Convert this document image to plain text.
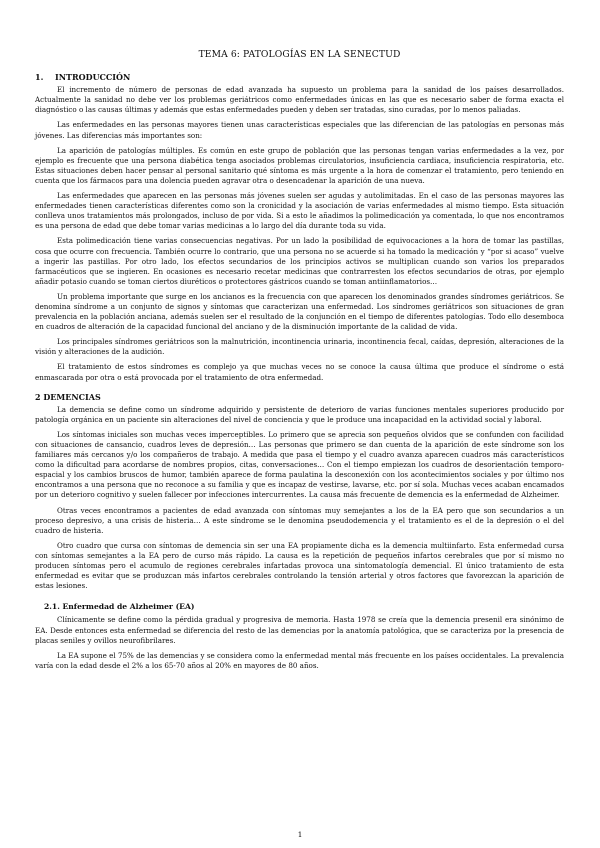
TEMA 6: PATOLOGÍAS EN LA SENECTUD
1. INTRODUCCIÓN

El incremento de número de personas de edad avanzada ha supuesto un problema para la sanidad de los países desarrollados. Actualmente la sanidad no debe ver los problemas geriátricos como enfermedades únicas en las que es necesario saber de forma exacta el diagnóstico o las causas últimas y además que estas enfermedades pueden y deben ser tratadas, sino curadas, por lo menos paliadas.

Las enfermedades en las personas mayores tienen unas características especiales que las diferencian de las patologías en personas más jóvenes. Las diferencias más importantes son:

La aparición de patologías múltiples. Es común en este grupo de población que las personas tengan varias enfermedades a la vez, por ejemplo es frecuente que una persona diabética tenga asociados problemas circulatorios, insuficiencia cardiaca, insuficiencia respiratoria, etc. Estas situaciones deben hacer pensar al personal sanitario qué síntoma es más urgente a la hora de comenzar el tratamiento, pero teniendo en cuenta que los fármacos para una dolencia pueden agravar otra o desencadenar la aparición de una nueva.

Las enfermedades que aparecen en las personas más jóvenes suelen ser agudas y autolimitadas. En el caso de las personas mayores las enfermedades tienen características diferentes como son la cronicidad y la asociación de varias enfermedades al mismo tiempo. Esta situación conlleva unos tratamientos más prolongados, incluso de por vida. Si a esto le añadimos la polimedicación ya comentada, lo que nos encontramos es una persona de edad que debe tomar varias medicinas a lo largo del día durante toda su vida.

Esta polimedicación tiene varias consecuencias negativas. Por un lado la posibilidad de equivocaciones a la hora de tomar las pastillas, cosa que ocurre con frecuencia. También ocurre lo contrario, que una persona no se acuerde si ha tomado la medicación y “por si acaso” vuelve a ingerir las pastillas. Por otro lado, los efectos secundarios de los principios activos se multiplican cuando son varios los preparados farmacéuticos que se ingieren. En ocasiones es necesario recetar medicinas que contrarresten los efectos secundarios de otras, por ejemplo añadir potasio cuando se toman ciertos diuréticos o protectores gástricos cuando se toman antiinflamatorios…

Un problema importante que surge en los ancianos es la frecuencia con que aparecen los denominados grandes síndromes geriátricos. Se denomina síndrome a un conjunto de signos y síntomas que caracterizan una enfermedad. Los síndromes geriátricos son situaciones de gran prevalencia en la población anciana, además suelen ser el resultado de la conjunción en el tiempo de diferentes patologías. Todo ello desemboca en cuadros de alteración de la capacidad funcional del anciano y de la disminución importante de la calidad de vida.

Los principales síndromes geriátricos son la malnutrición, incontinencia urinaria, incontinencia fecal, caídas, depresión, alteraciones de la visión y alteraciones de la audición.

El tratamiento de estos síndromes es complejo ya que muchas veces no se conoce la causa última que produce el síndrome o está enmascarada por otra o está provocada por el tratamiento de otra enfermedad.

2 DEMENCIAS

La demencia se define como un síndrome adquirido y persistente de deterioro de varias funciones mentales superiores producido por patología orgánica en un paciente sin alteraciones del nivel de conciencia y que le produce una incapacidad en la actividad social y laboral.

Los síntomas iniciales son muchas veces imperceptibles. Lo primero que se aprecia son pequeños olvidos que se confunden con facilidad con situaciones de cansancio, cuadros leves de depresión… Las personas que primero se dan cuenta de la aparición de este síndrome son los familiares más cercanos y/o los compañeros de trabajo. A medida que pasa el tiempo y el cuadro avanza aparecen cuadros más característicos como la dificultad para acordarse de nombres propios, citas, conversaciones… Con el tiempo empiezan los cuadros de desorientación temporo-espacial y los cambios bruscos de humor, también aparece de forma paulatina la desconexión con los acontecimientos sociales y por último nos encontramos a una persona que no reconoce a su familia y que es incapaz de vestirse, lavarse, etc. por sí sola. Muchas veces acaban encamados por un deterioro cognitivo y suelen fallecer por infecciones intercurrentes. La causa más frecuente de demencia es la enfermedad de Alzheimer.

Otras veces encontramos a pacientes de edad avanzada con síntomas muy semejantes a los de la EA pero que son secundarios a un proceso depresivo, a una crisis de histeria… A este síndrome se le denomina pseudodemencia y el tratamiento es el de la depresión o el del cuadro de histeria.

Otro cuadro que cursa con síntomas de demencia sin ser una EA propiamente dicha es la demencia multiinfarto. Esta enfermedad cursa con síntomas semejantes a la EA pero de curso más rápido. La causa es la repetición de pequeños infartos cerebrales que por sí mismo no producen síntomas pero el acumulo de regiones cerebrales infartadas provoca una sintomatología demencial. El único tratamiento de esta enfermedad es evitar que se produzcan más infartos cerebrales controlando la tensión arterial y otros factores que favorezcan la aparición de estas lesiones.

2.1. Enfermedad de Alzheimer (EA)

Clínicamente se define como la pérdida gradual y progresiva de memoria. Hasta 1978 se creía que la demencia presenil era sinónimo de EA. Desde entonces esta enfermedad se diferencia del resto de las demencias por la anatomía patológica, que se caracteriza por la presencia de placas seniles y ovillos neurofibrilares.

La EA supone el 75% de las demencias y se considera como la enfermedad mental más frecuente en los países occidentales. La prevalencia varía con la edad desde el 2% a los 65-70 años al 20% en mayores de 80 años.

1
